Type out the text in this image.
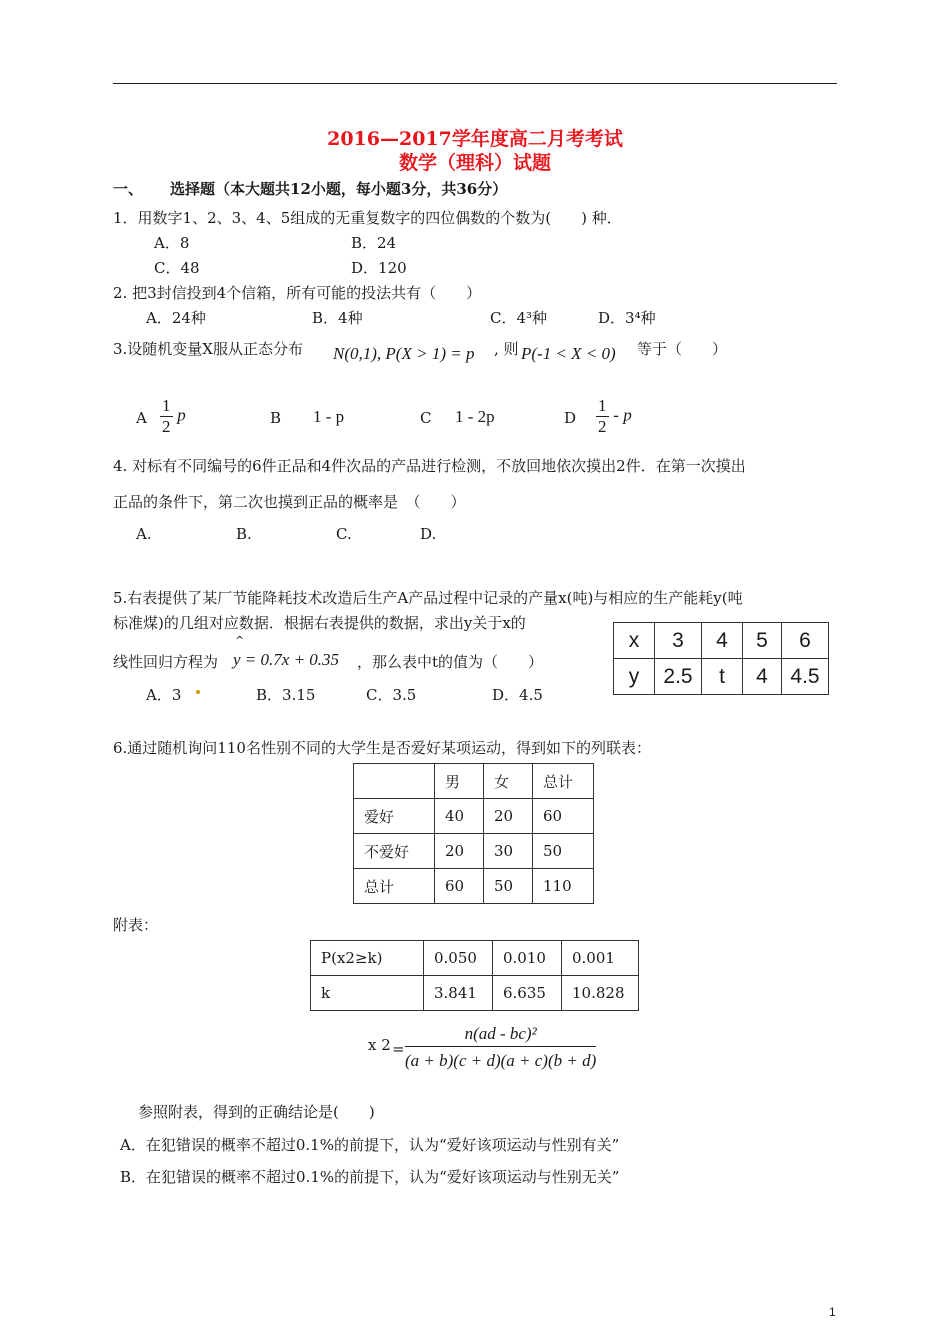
2016—2017学年度高二月考考试
数学（理科）试题
一、 选择题（本大题共12小题，每小题3分，共36分）
1．用数字1、2、3、4、5组成的无重复数字的四位偶数的个数为(　　) 种．
A．8	B．24
C．48	D．120
2. 把3封信投到4个信箱，所有可能的投法共有（　　）
A．24种	B．4种	C．4³种	D．3⁴种
3.设随机变量X服从正态分布 N(0,1), P(X > 1) = p , 则 P(-1 < X < 0) 等于（　　）
A $\frac{1}{2}$ p	B 1 - p	C 1 - 2p	D $\frac{1}{2}$ - p
4. 对标有不同编号的6件正品和4件次品的产品进行检测，不放回地依次摸出2件．在第一次摸出
正品的条件下，第二次也摸到正品的概率是　（　　）
A.	B.	C.	D.
5.右表提供了某厂节能降耗技术改造后生产A产品过程中记录的产量x(吨)与相应的生产能耗y(吨
标准煤)的几组对应数据．根据右表提供的数据，求出y关于x的
线性回归方程为
^
y = 0.7x + 0.35 ，那么表中t的值为（　　）
A．3	B．3.15	C．3.5	D．4.5
x	3	4	5	6
y	2.5	t	4	4.5
6.通过随机询问110名性别不同的大学生是否爱好某项运动，得到如下的列联表：
	男	女	总计
爱好	40	20	60
不爱好	20	30	50
总计	60	50	110
附表：
P(x2≥k)	0.050	0.010	0.001
k	3.841	6.635	10.828
x $2 = \frac{\text{n(ad - bc)²}}{(a + b)(c + d)(a + c)(b + d)}$
参照附表，得到的正确结论是(　　)
A．在犯错误的概率不超过0.1%的前提下，认为“爱好该项运动与性别有关”
B．在犯错误的概率不超过0.1%的前提下，认为“爱好该项运动与性别无关”
1
